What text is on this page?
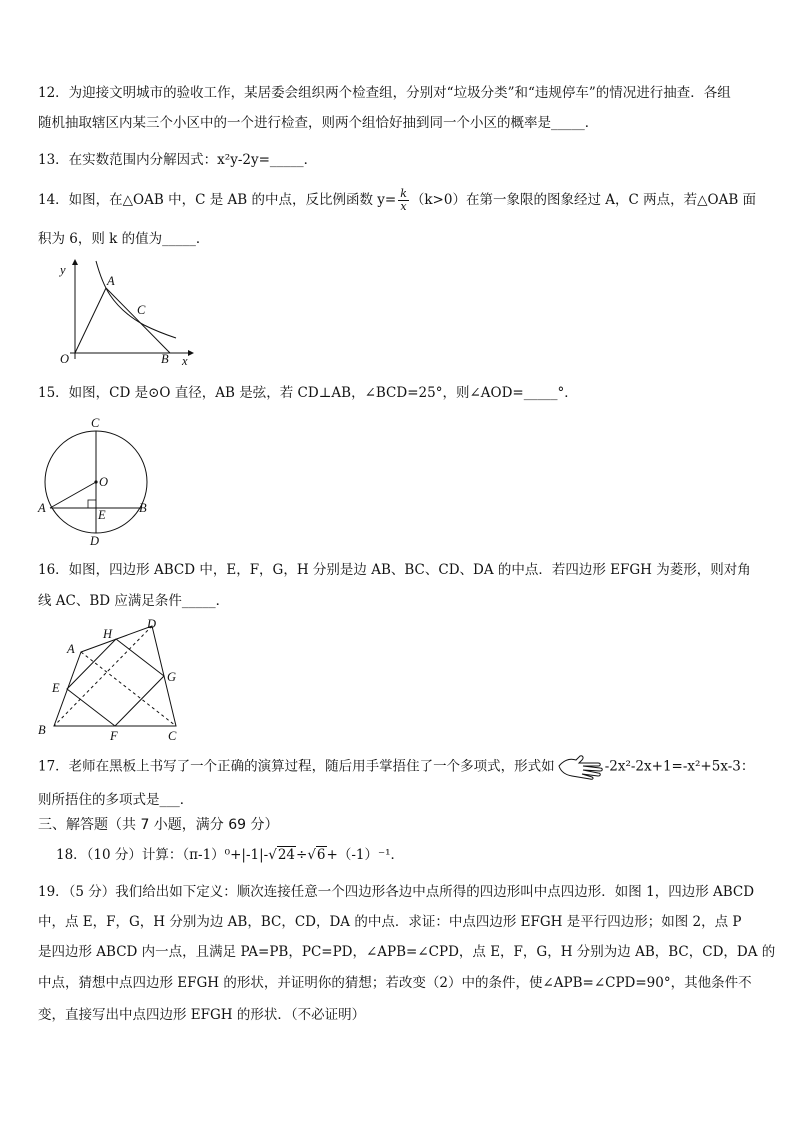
12．为迎接文明城市的验收工作，某居委会组织两个检查组，分别对“垃圾分类”和“违规停车”的情况进行抽查．各组
随机抽取辖区内某三个小区中的一个进行检查，则两个组恰好抽到同一个小区的概率是_____．
13．在实数范围内分解因式：x²y-2y=_____．
14．如图，在△OAB 中，C 是 AB 的中点，反比例函数 $y= \frac{k}{x} (k>0)$在第一象限的图象经过 A，C 两点，若△OAB 面
积为 6，则 k 的值为_____．
y
x
O
A
C
B
15．如图，CD 是⊙O 直径，AB 是弦，若 CD⊥AB，∠BCD=25°，则∠AOD=_____°．
C
O
A	B
E
D
16．如图，四边形 ABCD 中，E，F，G，H 分别是边 AB、BC、CD、DA 的中点．若四边形 EFGH 为菱形，则对角
线 AC、BD 应满足条件_____．
A
H
D
E
G
B	F	C
17．老师在黑板上书写了一个正确的演算过程，随后用手掌捂住了一个多项式，形式如	-2x²-2x+1=-x²+5x-3：
则所捂住的多项式是___．
三、解答题（共 7 小题，满分 69 分）
18．（10 分）计算：（π-1）⁰+|-1|-√24÷√6+（-1）⁻¹．
19．（5 分）我们给出如下定义：顺次连接任意一个四边形各边中点所得的四边形叫中点四边形．如图 1，四边形 ABCD
中，点 E，F，G，H 分别为边 AB，BC，CD，DA 的中点．求证：中点四边形 EFGH 是平行四边形；如图 2，点 P
是四边形 ABCD 内一点，且满足 PA=PB，PC=PD，∠APB=∠CPD，点 E，F，G，H 分别为边 AB，BC，CD，DA 的
中点，猜想中点四边形 EFGH 的形状，并证明你的猜想；若改变（2）中的条件，使∠APB=∠CPD=90°，其他条件不
变，直接写出中点四边形 EFGH 的形状．（不必证明）
